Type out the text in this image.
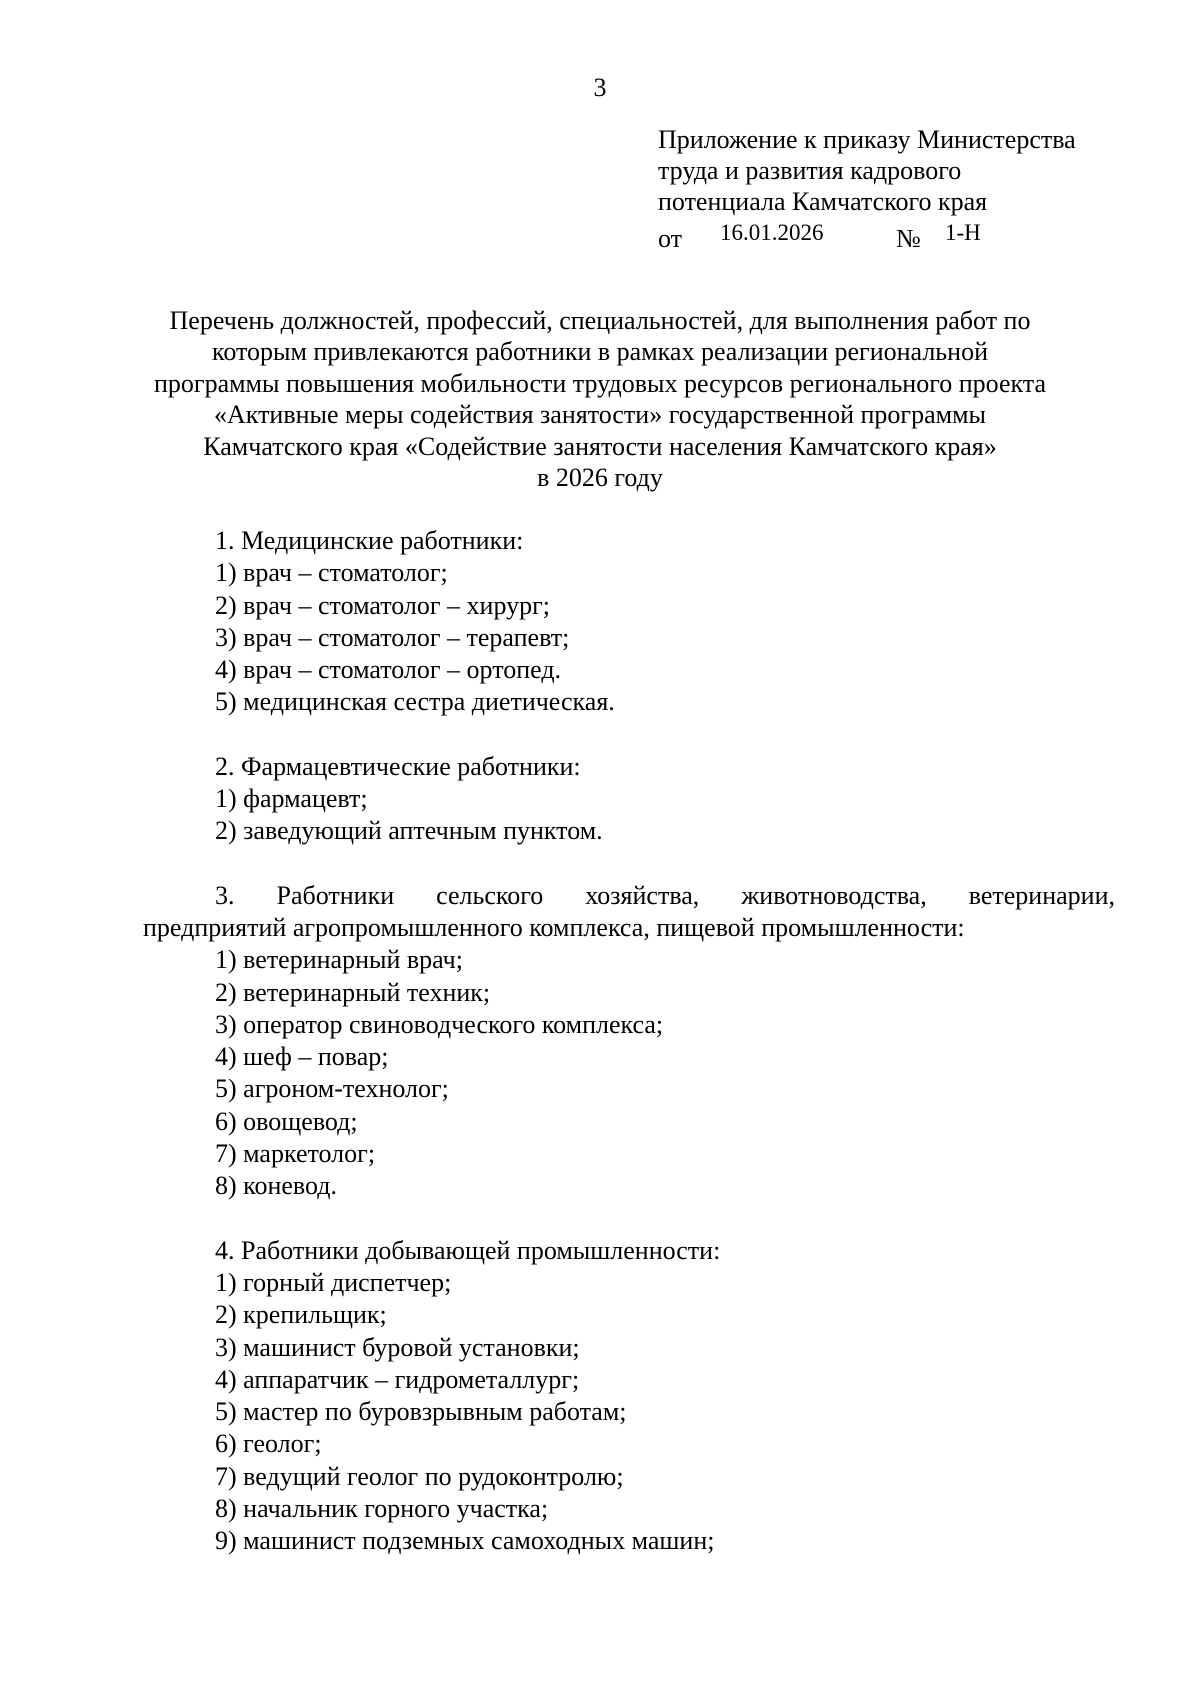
3
Приложение к приказу Министерства
труда и развития кадрового
потенциала Камчатского края
от 16.01.2026	№ 1-Н
Перечень должностей, профессий, специальностей, для выполнения работ по
которым привлекаются работники в рамках реализации региональной
программы повышения мобильности трудовых ресурсов регионального проекта
«Активные меры содействия занятости» государственной программы
Камчатского края «Содействие занятости населения Камчатского края»
в 2026 году
1. Медицинские работники:
1) врач – стоматолог;
2) врач – стоматолог – хирург;
3) врач – стоматолог – терапевт;
4) врач – стоматолог – ортопед.
5) медицинская сестра диетическая.
2. Фармацевтические работники:
1) фармацевт;
2) заведующий аптечным пунктом.
3. Работники сельского хозяйства, животноводства, ветеринарии,
предприятий агропромышленного комплекса, пищевой промышленности:
1) ветеринарный врач;
2) ветеринарный техник;
3) оператор свиноводческого комплекса;
4) шеф – повар;
5) агроном-технолог;
6) овощевод;
7) маркетолог;
8) коневод.
4. Работники добывающей промышленности:
1) горный диспетчер;
2) крепильщик;
3) машинист буровой установки;
4) аппаратчик – гидрометаллург;
5) мастер по буровзрывным работам;
6) геолог;
7) ведущий геолог по рудоконтролю;
8) начальник горного участка;
9) машинист подземных самоходных машин;
